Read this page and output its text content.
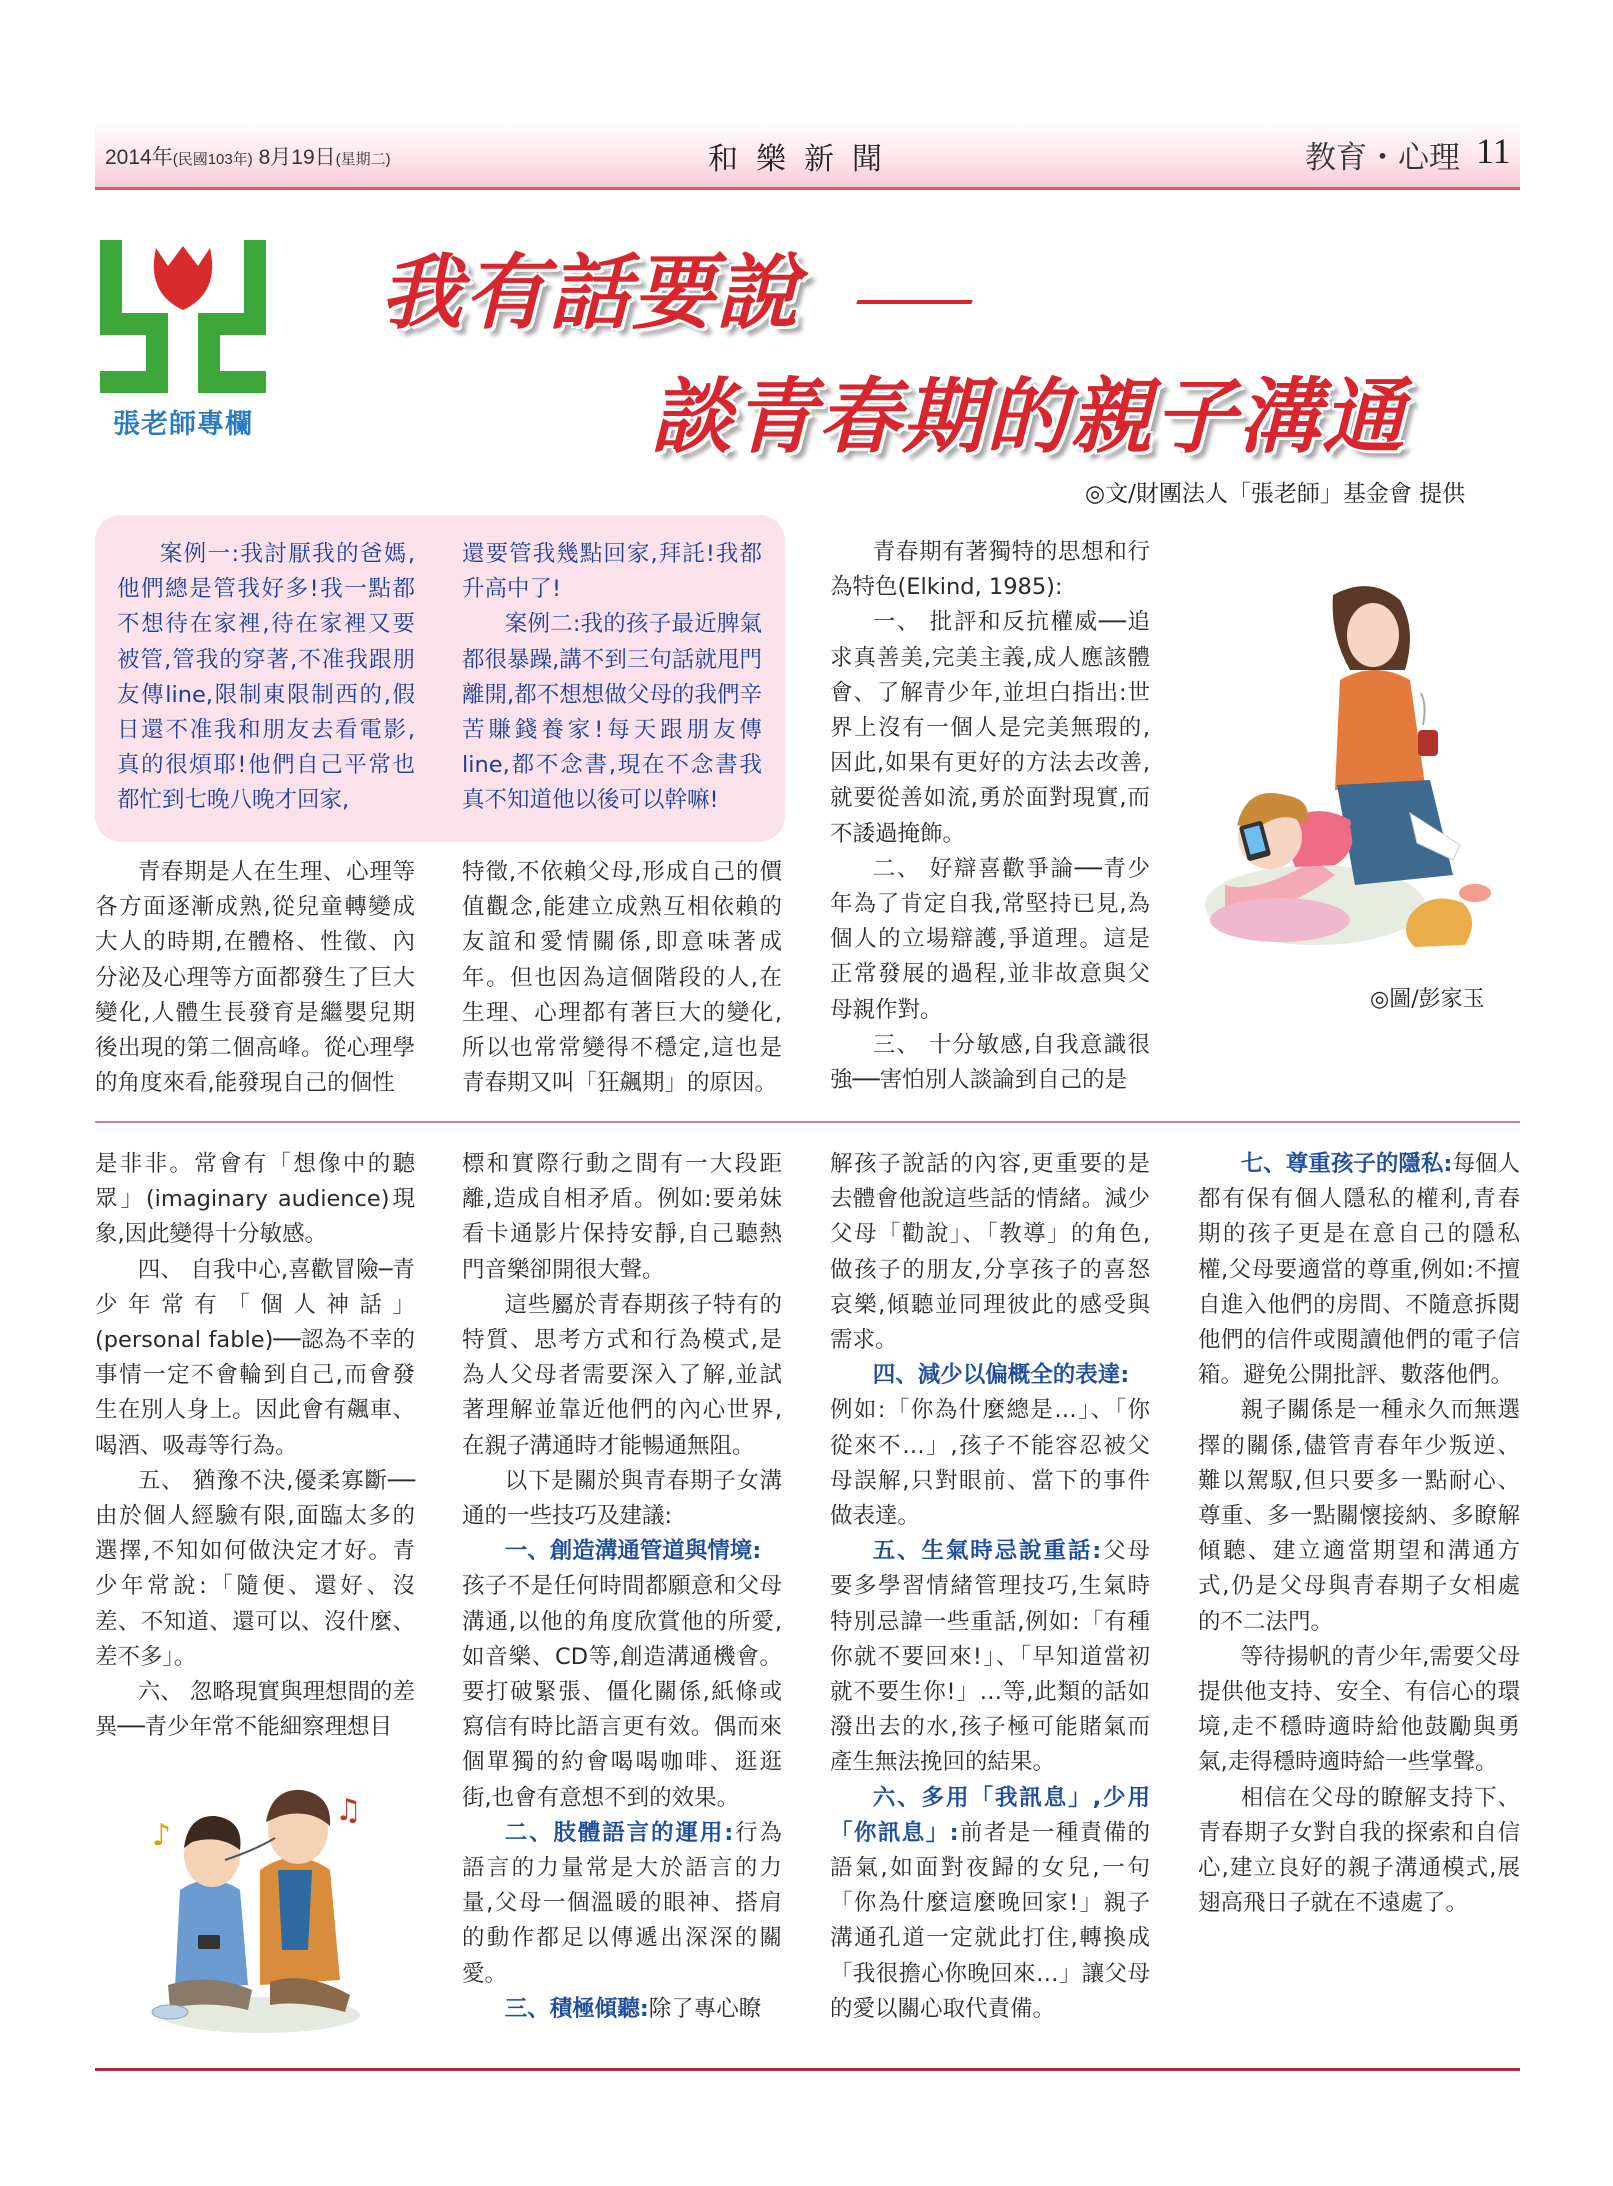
2014年(民國103年) 8月19日(星期二)	和樂新聞	教育・心理 11
張老師專欄
我有話要說
談青春期的親子溝通
◎文/財團法人「張老師」基金會 提供

案例一:我討厭我的爸媽,他們總是管我好多!我一點都不想待在家裡,待在家裡又要被管,管我的穿著,不准我跟朋友傳line,限制東限制西的,假日還不准我和朋友去看電影,真的很煩耶!他們自己平常也都忙到七晚八晚才回家,

還要管我幾點回家,拜託!我都升高中了!

案例二:我的孩子最近脾氣都很暴躁,講不到三句話就甩門離開,都不想想做父母的我們辛苦賺錢養家!每天跟朋友傳line,都不念書,現在不念書我真不知道他以後可以幹嘛!

青春期是人在生理、心理等各方面逐漸成熟,從兒童轉變成大人的時期,在體格、性徵、內分泌及心理等方面都發生了巨大變化,人體生長發育是繼嬰兒期後出現的第二個高峰。從心理學的角度來看,能發現自己的個性

特徵,不依賴父母,形成自己的價值觀念,能建立成熟互相依賴的友誼和愛情關係,即意味著成年。但也因為這個階段的人,在生理、心理都有著巨大的變化,所以也常常變得不穩定,這也是青春期又叫「狂飆期」的原因。

青春期有著獨特的思想和行為特色(Elkind, 1985):

一、 批評和反抗權威──追求真善美,完美主義,成人應該體會、了解青少年,並坦白指出:世界上沒有一個人是完美無瑕的,因此,如果有更好的方法去改善,就要從善如流,勇於面對現實,而不諉過掩飾。

二、 好辯喜歡爭論──青少年為了肯定自我,常堅持已見,為個人的立場辯護,爭道理。這是正常發展的過程,並非故意與父母親作對。

三、 十分敏感,自我意識很強──害怕別人談論到自己的是

◎圖/彭家玉

是非非。常會有「想像中的聽眾」(imaginary audience)現象,因此變得十分敏感。

四、 自我中心,喜歡冒險─青少年常有「個人神話」(personal fable)──認為不幸的事情一定不會輪到自己,而會發生在別人身上。因此會有飆車、喝酒、吸毒等行為。

五、 猶豫不決,優柔寡斷──由於個人經驗有限,面臨太多的選擇,不知如何做決定才好。青少年常說:「隨便、還好、沒差、不知道、還可以、沒什麼、差不多」。

六、 忽略現實與理想間的差異──青少年常不能細察理想目

♪
♫

標和實際行動之間有一大段距離,造成自相矛盾。例如:要弟妹看卡通影片保持安靜,自己聽熱門音樂卻開很大聲。

這些屬於青春期孩子特有的特質、思考方式和行為模式,是為人父母者需要深入了解,並試著理解並靠近他們的內心世界,在親子溝通時才能暢通無阻。

以下是關於與青春期子女溝通的一些技巧及建議:

一、創造溝通管道與情境:

孩子不是任何時間都願意和父母溝通,以他的角度欣賞他的所愛,如音樂、CD等,創造溝通機會。要打破緊張、僵化關係,紙條或寫信有時比語言更有效。偶而來個單獨的約會喝喝咖啡、逛逛街,也會有意想不到的效果。

二、肢體語言的運用:行為語言的力量常是大於語言的力量,父母一個溫暖的眼神、搭肩的動作都足以傳遞出深深的關愛。

三、積極傾聽:除了專心瞭

解孩子說話的內容,更重要的是去體會他說這些話的情緒。減少父母「勸說」、「教導」的角色,做孩子的朋友,分享孩子的喜怒哀樂,傾聽並同理彼此的感受與需求。

四、減少以偏概全的表達:

例如:「你為什麼總是…」、「你從來不…」,孩子不能容忍被父母誤解,只對眼前、當下的事件做表達。

五、生氣時忌說重話:父母要多學習情緒管理技巧,生氣時特別忌諱一些重話,例如:「有種你就不要回來!」、「早知道當初就不要生你!」…等,此類的話如潑出去的水,孩子極可能賭氣而產生無法挽回的結果。

六、多用「我訊息」,少用「你訊息」:前者是一種責備的語氣,如面對夜歸的女兒,一句「你為什麼這麼晚回家!」親子溝通孔道一定就此打住,轉換成「我很擔心你晚回來…」讓父母的愛以關心取代責備。

七、尊重孩子的隱私:每個人都有保有個人隱私的權利,青春期的孩子更是在意自己的隱私權,父母要適當的尊重,例如:不擅自進入他們的房間、不隨意拆閱他們的信件或閱讀他們的電子信箱。避免公開批評、數落他們。

親子關係是一種永久而無選擇的關係,儘管青春年少叛逆、難以駕馭,但只要多一點耐心、尊重、多一點關懷接納、多瞭解傾聽、建立適當期望和溝通方式,仍是父母與青春期子女相處的不二法門。

等待揚帆的青少年,需要父母提供他支持、安全、有信心的環境,走不穩時適時給他鼓勵與勇氣,走得穩時適時給一些掌聲。

相信在父母的瞭解支持下、青春期子女對自我的探索和自信心,建立良好的親子溝通模式,展翅高飛日子就在不遠處了。
